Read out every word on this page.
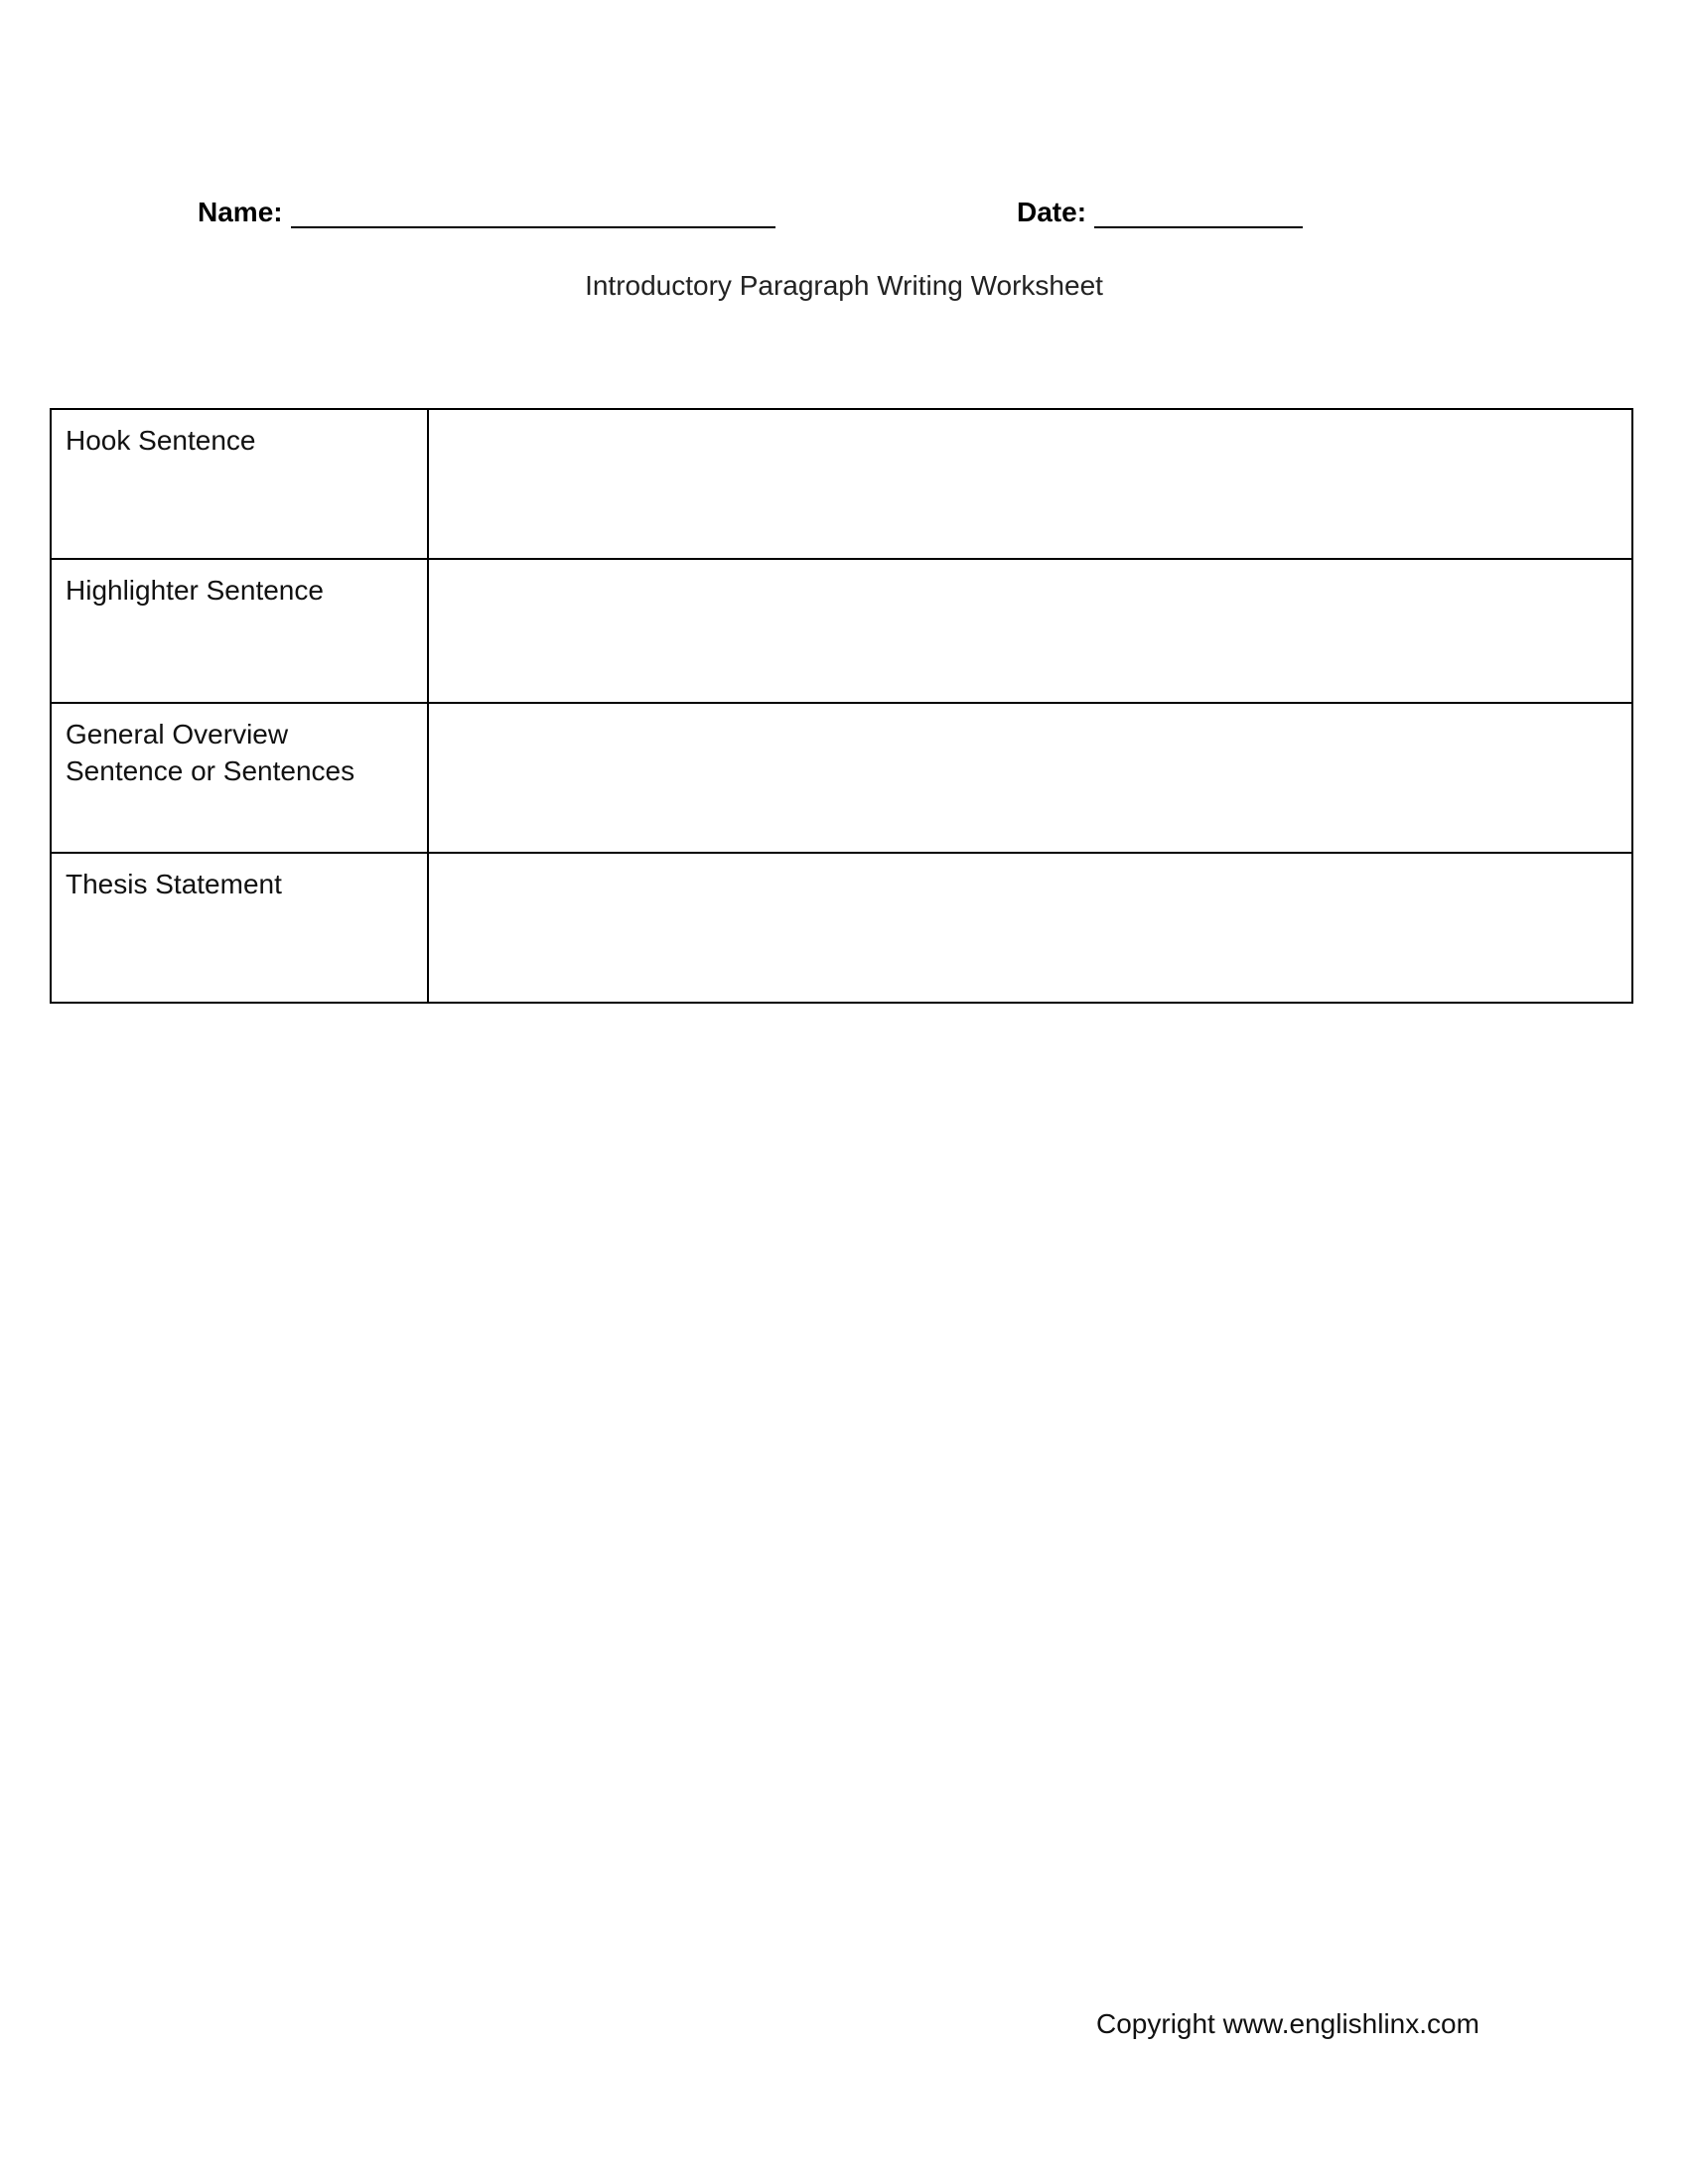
Name:	Date:
Introductory Paragraph Writing Worksheet
Hook Sentence	
Highlighter Sentence	
General Overview Sentence or Sentences	
Thesis Statement	
Copyright www.englishlinx.com
